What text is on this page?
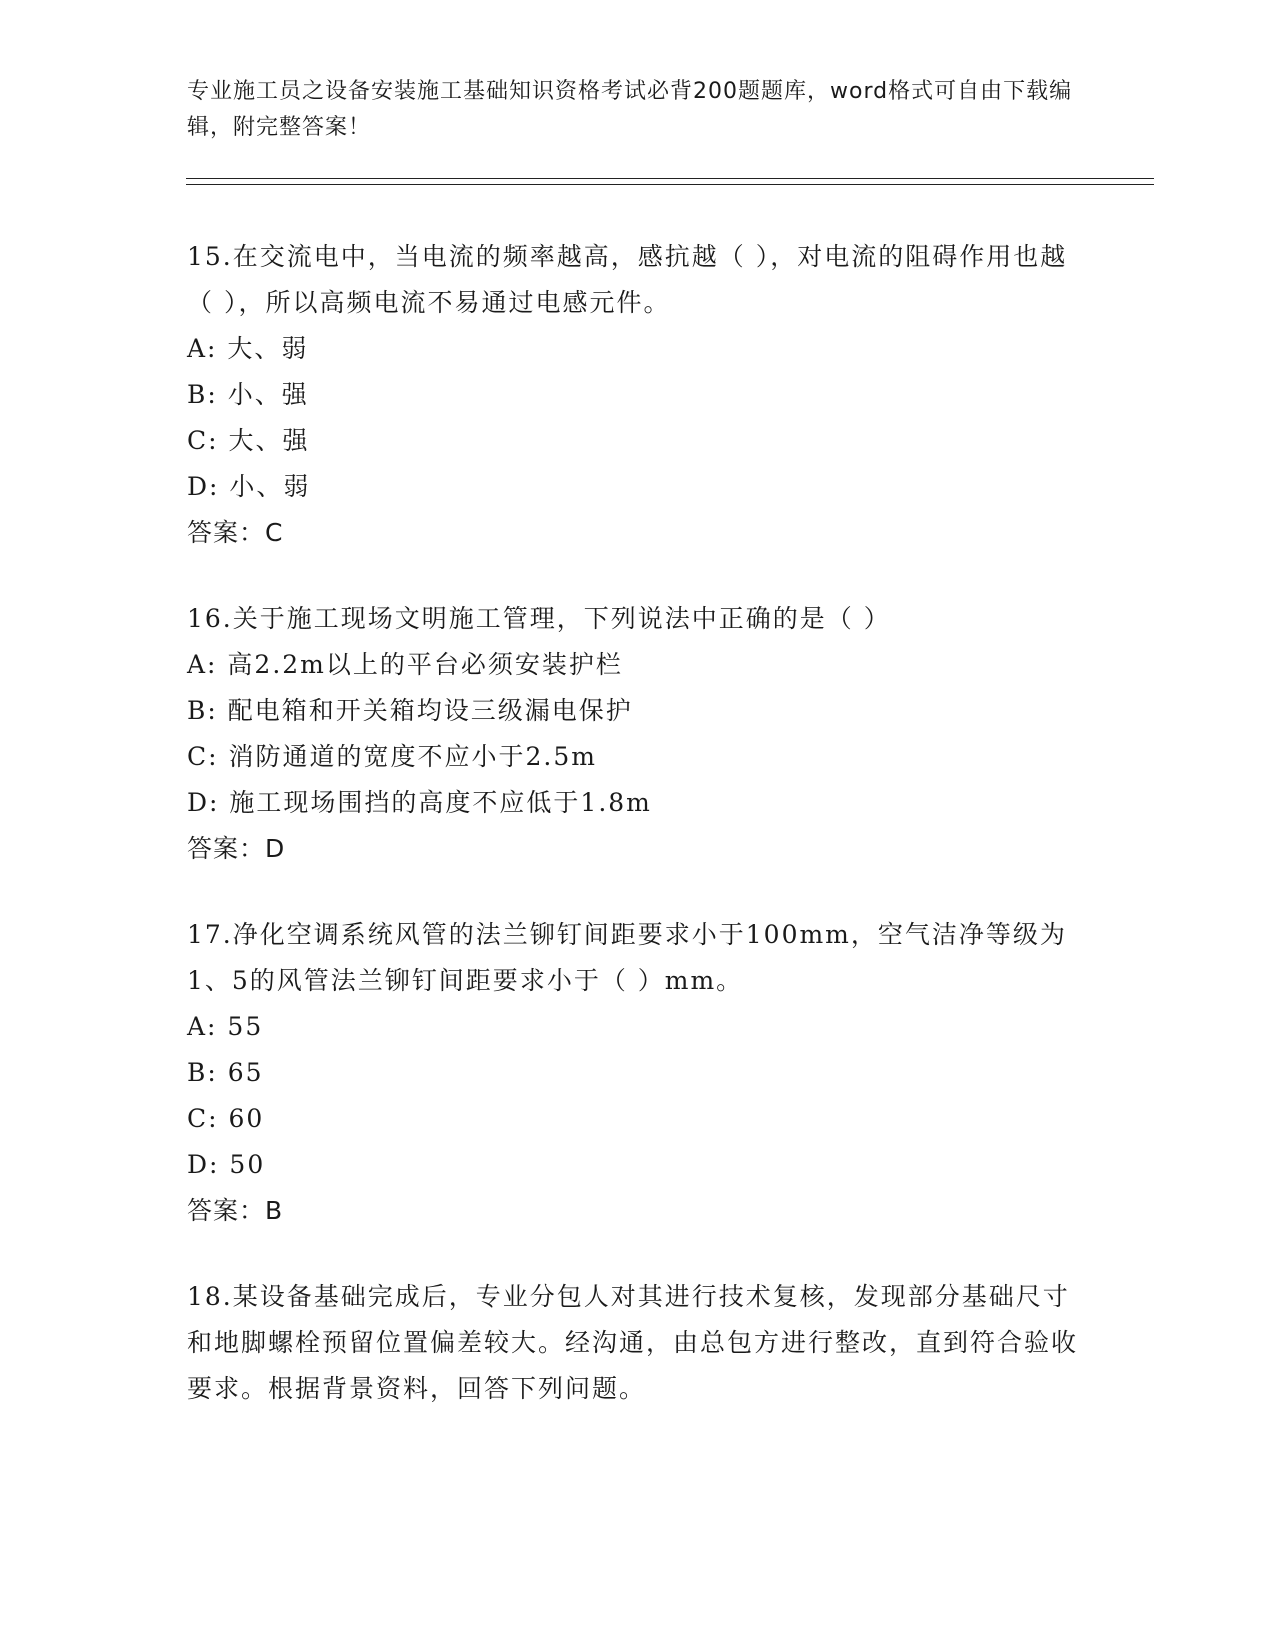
专业施工员之设备安装施工基础知识资格考试必背200题题库，word格式可自由下载编辑，附完整答案！

15.在交流电中，当电流的频率越高，感抗越（ ），对电流的阻碍作用也越（ ），所以高频电流不易通过电感元件。

A: 大、弱

B: 小、强

C: 大、强

D: 小、弱

答案：C

16.关于施工现场文明施工管理，下列说法中正确的是（ ）

A: 高2.2m以上的平台必须安装护栏

B: 配电箱和开关箱均设三级漏电保护

C: 消防通道的宽度不应小于2.5m

D: 施工现场围挡的高度不应低于1.8m

答案：D

17.净化空调系统风管的法兰铆钉间距要求小于100mm，空气洁净等级为1、5的风管法兰铆钉间距要求小于（ ）mm。

A: 55

B: 65

C: 60

D: 50

答案：B

18.某设备基础完成后，专业分包人对其进行技术复核，发现部分基础尺寸和地脚螺栓预留位置偏差较大。经沟通，由总包方进行整改，直到符合验收要求。根据背景资料，回答下列问题。
